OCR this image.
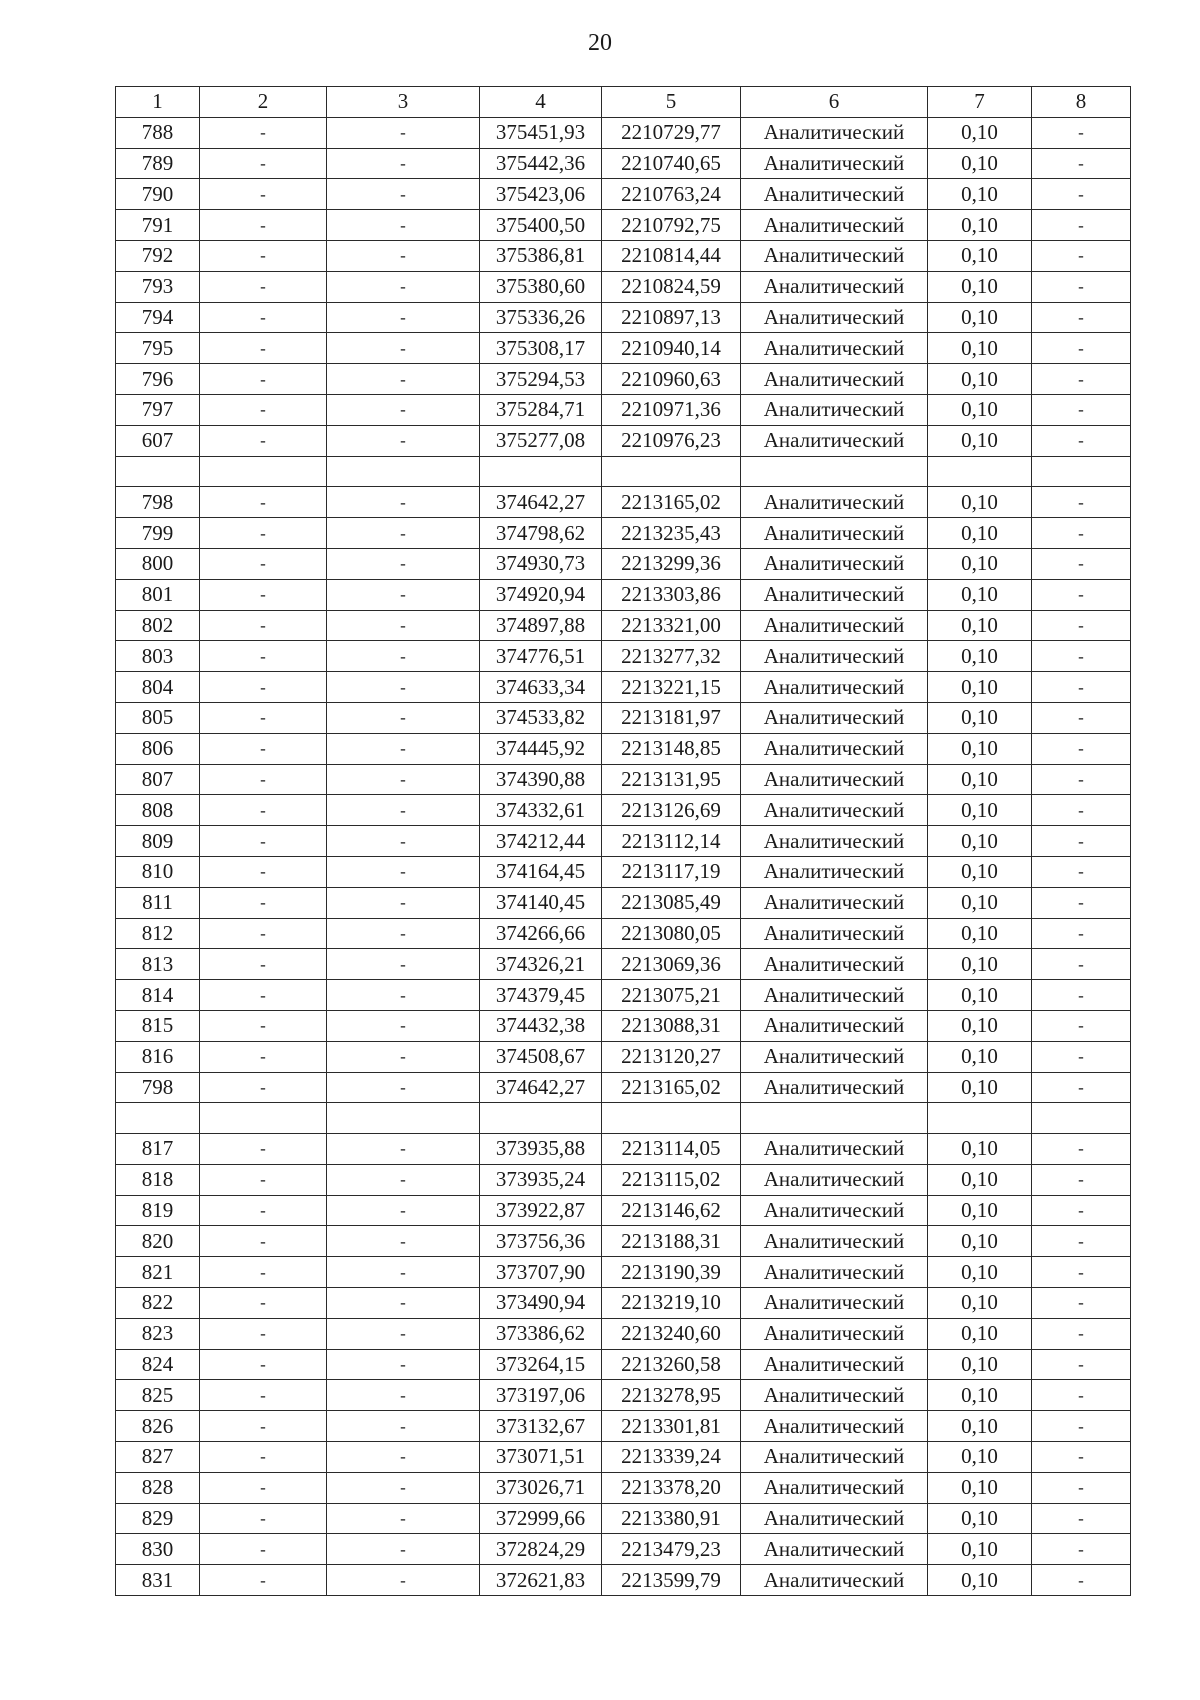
20
1	2	3	4	5	6	7	8
788	-	-	375451,93	2210729,77	Аналитический	0,10	-
789	-	-	375442,36	2210740,65	Аналитический	0,10	-
790	-	-	375423,06	2210763,24	Аналитический	0,10	-
791	-	-	375400,50	2210792,75	Аналитический	0,10	-
792	-	-	375386,81	2210814,44	Аналитический	0,10	-
793	-	-	375380,60	2210824,59	Аналитический	0,10	-
794	-	-	375336,26	2210897,13	Аналитический	0,10	-
795	-	-	375308,17	2210940,14	Аналитический	0,10	-
796	-	-	375294,53	2210960,63	Аналитический	0,10	-
797	-	-	375284,71	2210971,36	Аналитический	0,10	-
607	-	-	375277,08	2210976,23	Аналитический	0,10	-

798	-	-	374642,27	2213165,02	Аналитический	0,10	-
799	-	-	374798,62	2213235,43	Аналитический	0,10	-
800	-	-	374930,73	2213299,36	Аналитический	0,10	-
801	-	-	374920,94	2213303,86	Аналитический	0,10	-
802	-	-	374897,88	2213321,00	Аналитический	0,10	-
803	-	-	374776,51	2213277,32	Аналитический	0,10	-
804	-	-	374633,34	2213221,15	Аналитический	0,10	-
805	-	-	374533,82	2213181,97	Аналитический	0,10	-
806	-	-	374445,92	2213148,85	Аналитический	0,10	-
807	-	-	374390,88	2213131,95	Аналитический	0,10	-
808	-	-	374332,61	2213126,69	Аналитический	0,10	-
809	-	-	374212,44	2213112,14	Аналитический	0,10	-
810	-	-	374164,45	2213117,19	Аналитический	0,10	-
811	-	-	374140,45	2213085,49	Аналитический	0,10	-
812	-	-	374266,66	2213080,05	Аналитический	0,10	-
813	-	-	374326,21	2213069,36	Аналитический	0,10	-
814	-	-	374379,45	2213075,21	Аналитический	0,10	-
815	-	-	374432,38	2213088,31	Аналитический	0,10	-
816	-	-	374508,67	2213120,27	Аналитический	0,10	-
798	-	-	374642,27	2213165,02	Аналитический	0,10	-

817	-	-	373935,88	2213114,05	Аналитический	0,10	-
818	-	-	373935,24	2213115,02	Аналитический	0,10	-
819	-	-	373922,87	2213146,62	Аналитический	0,10	-
820	-	-	373756,36	2213188,31	Аналитический	0,10	-
821	-	-	373707,90	2213190,39	Аналитический	0,10	-
822	-	-	373490,94	2213219,10	Аналитический	0,10	-
823	-	-	373386,62	2213240,60	Аналитический	0,10	-
824	-	-	373264,15	2213260,58	Аналитический	0,10	-
825	-	-	373197,06	2213278,95	Аналитический	0,10	-
826	-	-	373132,67	2213301,81	Аналитический	0,10	-
827	-	-	373071,51	2213339,24	Аналитический	0,10	-
828	-	-	373026,71	2213378,20	Аналитический	0,10	-
829	-	-	372999,66	2213380,91	Аналитический	0,10	-
830	-	-	372824,29	2213479,23	Аналитический	0,10	-
831	-	-	372621,83	2213599,79	Аналитический	0,10	-
